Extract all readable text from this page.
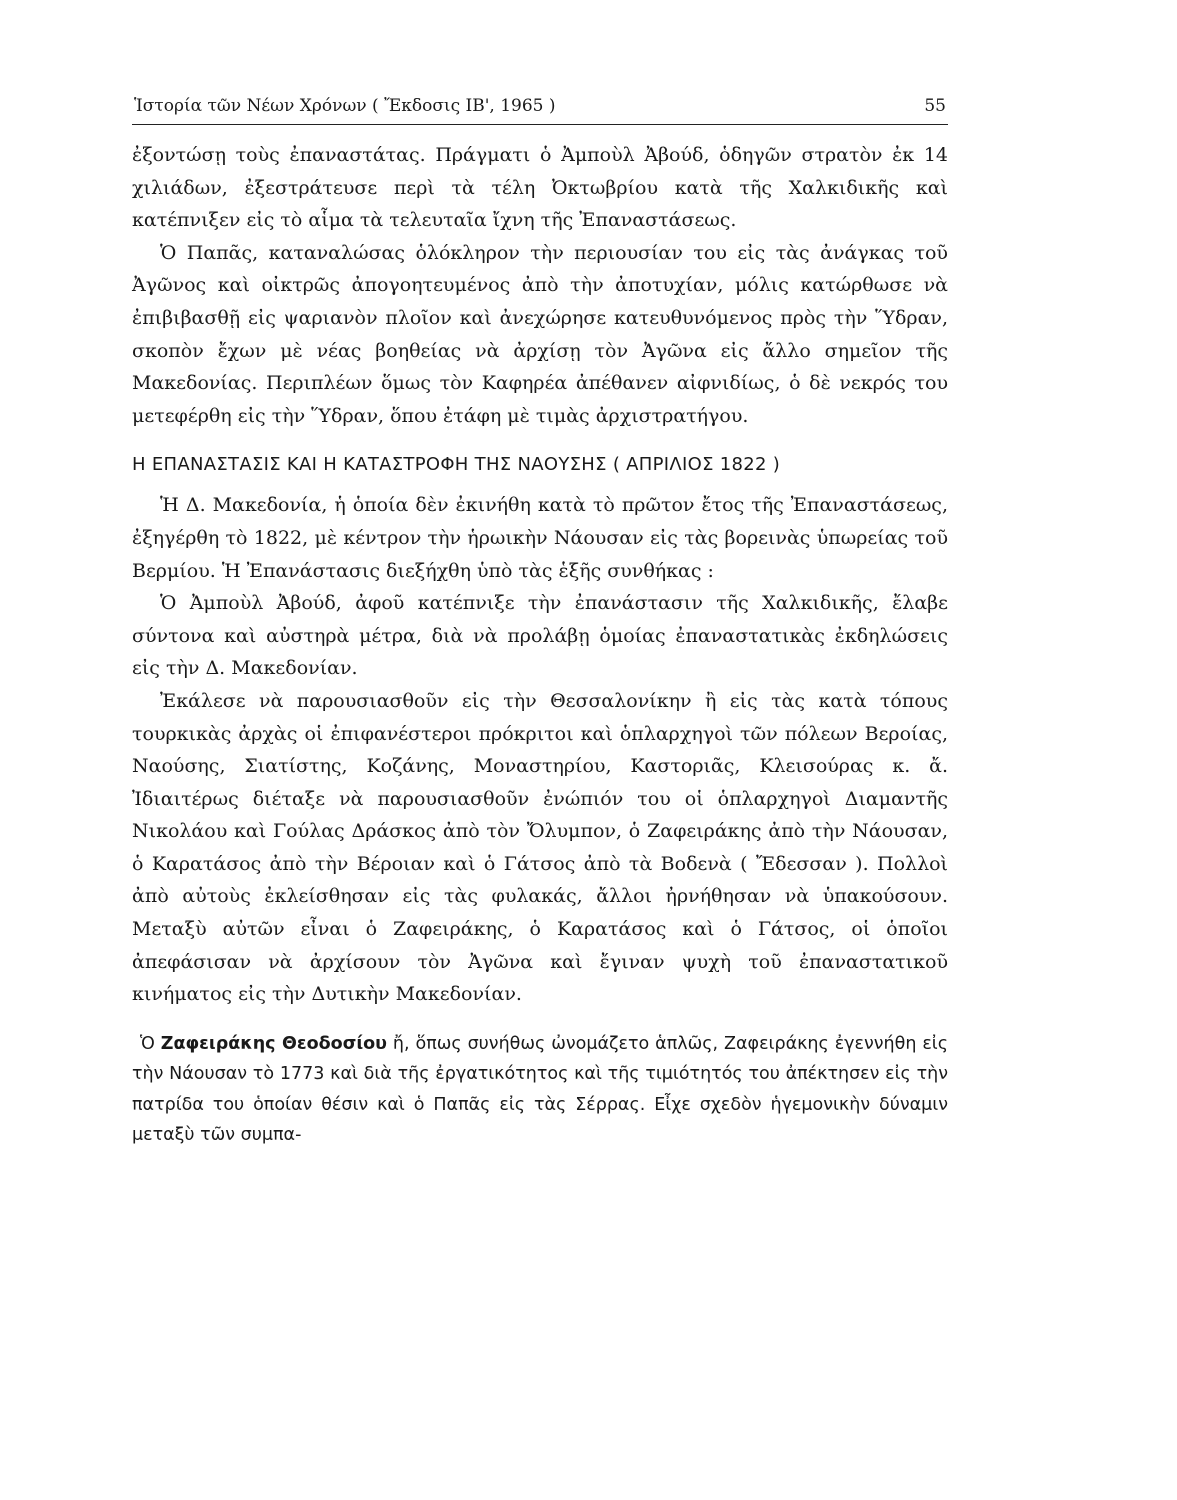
Ἱστορία τῶν Νέων Χρόνων ( Ἔκδοσις ΙΒ', 1965 )	55

ἐξοντώσῃ τοὺς ἐπαναστάτας. Πράγματι ὁ Ἀμποὺλ Ἀβούδ, ὁδηγῶν στρατὸν ἐκ 14 χιλιάδων, ἐξεστράτευσε περὶ τὰ τέλη Ὀκτωβρίου κατὰ τῆς Χαλκιδικῆς καὶ κατέπνιξεν εἰς τὸ αἷμα τὰ τελευταῖα ἴχνη τῆς Ἐπαναστάσεως.

Ὁ Παπᾶς, καταναλώσας ὁλόκληρον τὴν περιουσίαν του εἰς τὰς ἀνάγκας τοῦ Ἀγῶνος καὶ οἰκτρῶς ἀπογοητευμένος ἀπὸ τὴν ἀποτυχίαν, μόλις κατώρθωσε νὰ ἐπιβιβασθῇ εἰς ψαριανὸν πλοῖον καὶ ἀνεχώρησε κατευθυνόμενος πρὸς τὴν Ὕδραν, σκοπὸν ἔχων μὲ νέας βοηθείας νὰ ἀρχίσῃ τὸν Ἀγῶνα εἰς ἄλλο σημεῖον τῆς Μακεδονίας. Περιπλέων ὅμως τὸν Καφηρέα ἀπέθανεν αἰφνιδίως, ὁ δὲ νεκρός του μετεφέρθη εἰς τὴν Ὕδραν, ὅπου ἐτάφη μὲ τιμὰς ἀρχιστρατήγου.

Η ΕΠΑΝΑΣΤΑΣΙΣ ΚΑΙ Η ΚΑΤΑΣΤΡΟΦΗ ΤΗΣ ΝΑΟΥΣΗΣ ( ΑΠΡΙΛΙΟΣ 1822 )

Ἡ Δ. Μακεδονία, ἡ ὁποία δὲν ἐκινήθη κατὰ τὸ πρῶτον ἔτος τῆς Ἐπαναστάσεως, ἐξηγέρθη τὸ 1822, μὲ κέντρον τὴν ἡρωικὴν Νάουσαν εἰς τὰς βορεινὰς ὑπωρείας τοῦ Βερμίου. Ἡ Ἐπανάστασις διεξήχθη ὑπὸ τὰς ἑξῆς συνθήκας :

Ὁ Ἀμποὺλ Ἀβούδ, ἀφοῦ κατέπνιξε τὴν ἐπανάστασιν τῆς Χαλκιδικῆς, ἔλαβε σύντονα καὶ αὐστηρὰ μέτρα, διὰ νὰ προλάβῃ ὁμοίας ἐπαναστατικὰς ἐκδηλώσεις εἰς τὴν Δ. Μακεδονίαν.

Ἐκάλεσε νὰ παρουσιασθοῦν εἰς τὴν Θεσσαλονίκην ἢ εἰς τὰς κατὰ τόπους τουρκικὰς ἀρχὰς οἱ ἐπιφανέστεροι πρόκριτοι καὶ ὁπλαρχηγοὶ τῶν πόλεων Βεροίας, Ναούσης, Σιατίστης, Κοζάνης, Μοναστηρίου, Καστοριᾶς, Κλεισούρας κ. ἄ. Ἰδιαιτέρως διέταξε νὰ παρουσιασθοῦν ἐνώπιόν του οἱ ὁπλαρχηγοὶ Διαμαντῆς Νικολάου καὶ Γούλας Δράσκος ἀπὸ τὸν Ὄλυμπον, ὁ Ζαφειράκης ἀπὸ τὴν Νάουσαν, ὁ Καρατάσος ἀπὸ τὴν Βέροιαν καὶ ὁ Γάτσος ἀπὸ τὰ Βοδενὰ ( Ἔδεσσαν ). Πολλοὶ ἀπὸ αὐτοὺς ἐκλείσθησαν εἰς τὰς φυλακάς, ἄλλοι ἠρνήθησαν νὰ ὑπακούσουν. Μεταξὺ αὐτῶν εἶναι ὁ Ζαφειράκης, ὁ Καρατάσος καὶ ὁ Γάτσος, οἱ ὁποῖοι ἀπεφάσισαν νὰ ἀρχίσουν τὸν Ἀγῶνα καὶ ἔγιναν ψυχὴ τοῦ ἐπαναστατικοῦ κινήματος εἰς τὴν Δυτικὴν Μακεδονίαν.

Ὁ Ζαφειράκης Θεοδοσίου ἤ, ὅπως συνήθως ὠνομάζετο ἁπλῶς, Ζαφειράκης ἐγεννήθη εἰς τὴν Νάουσαν τὸ 1773 καὶ διὰ τῆς ἐργατικότητος καὶ τῆς τιμιότητός του ἀπέκτησεν εἰς τὴν πατρίδα του ὁποίαν θέσιν καὶ ὁ Παπᾶς εἰς τὰς Σέρρας. Εἶχε σχεδὸν ἡγεμονικὴν δύναμιν μεταξὺ τῶν συμπα-
